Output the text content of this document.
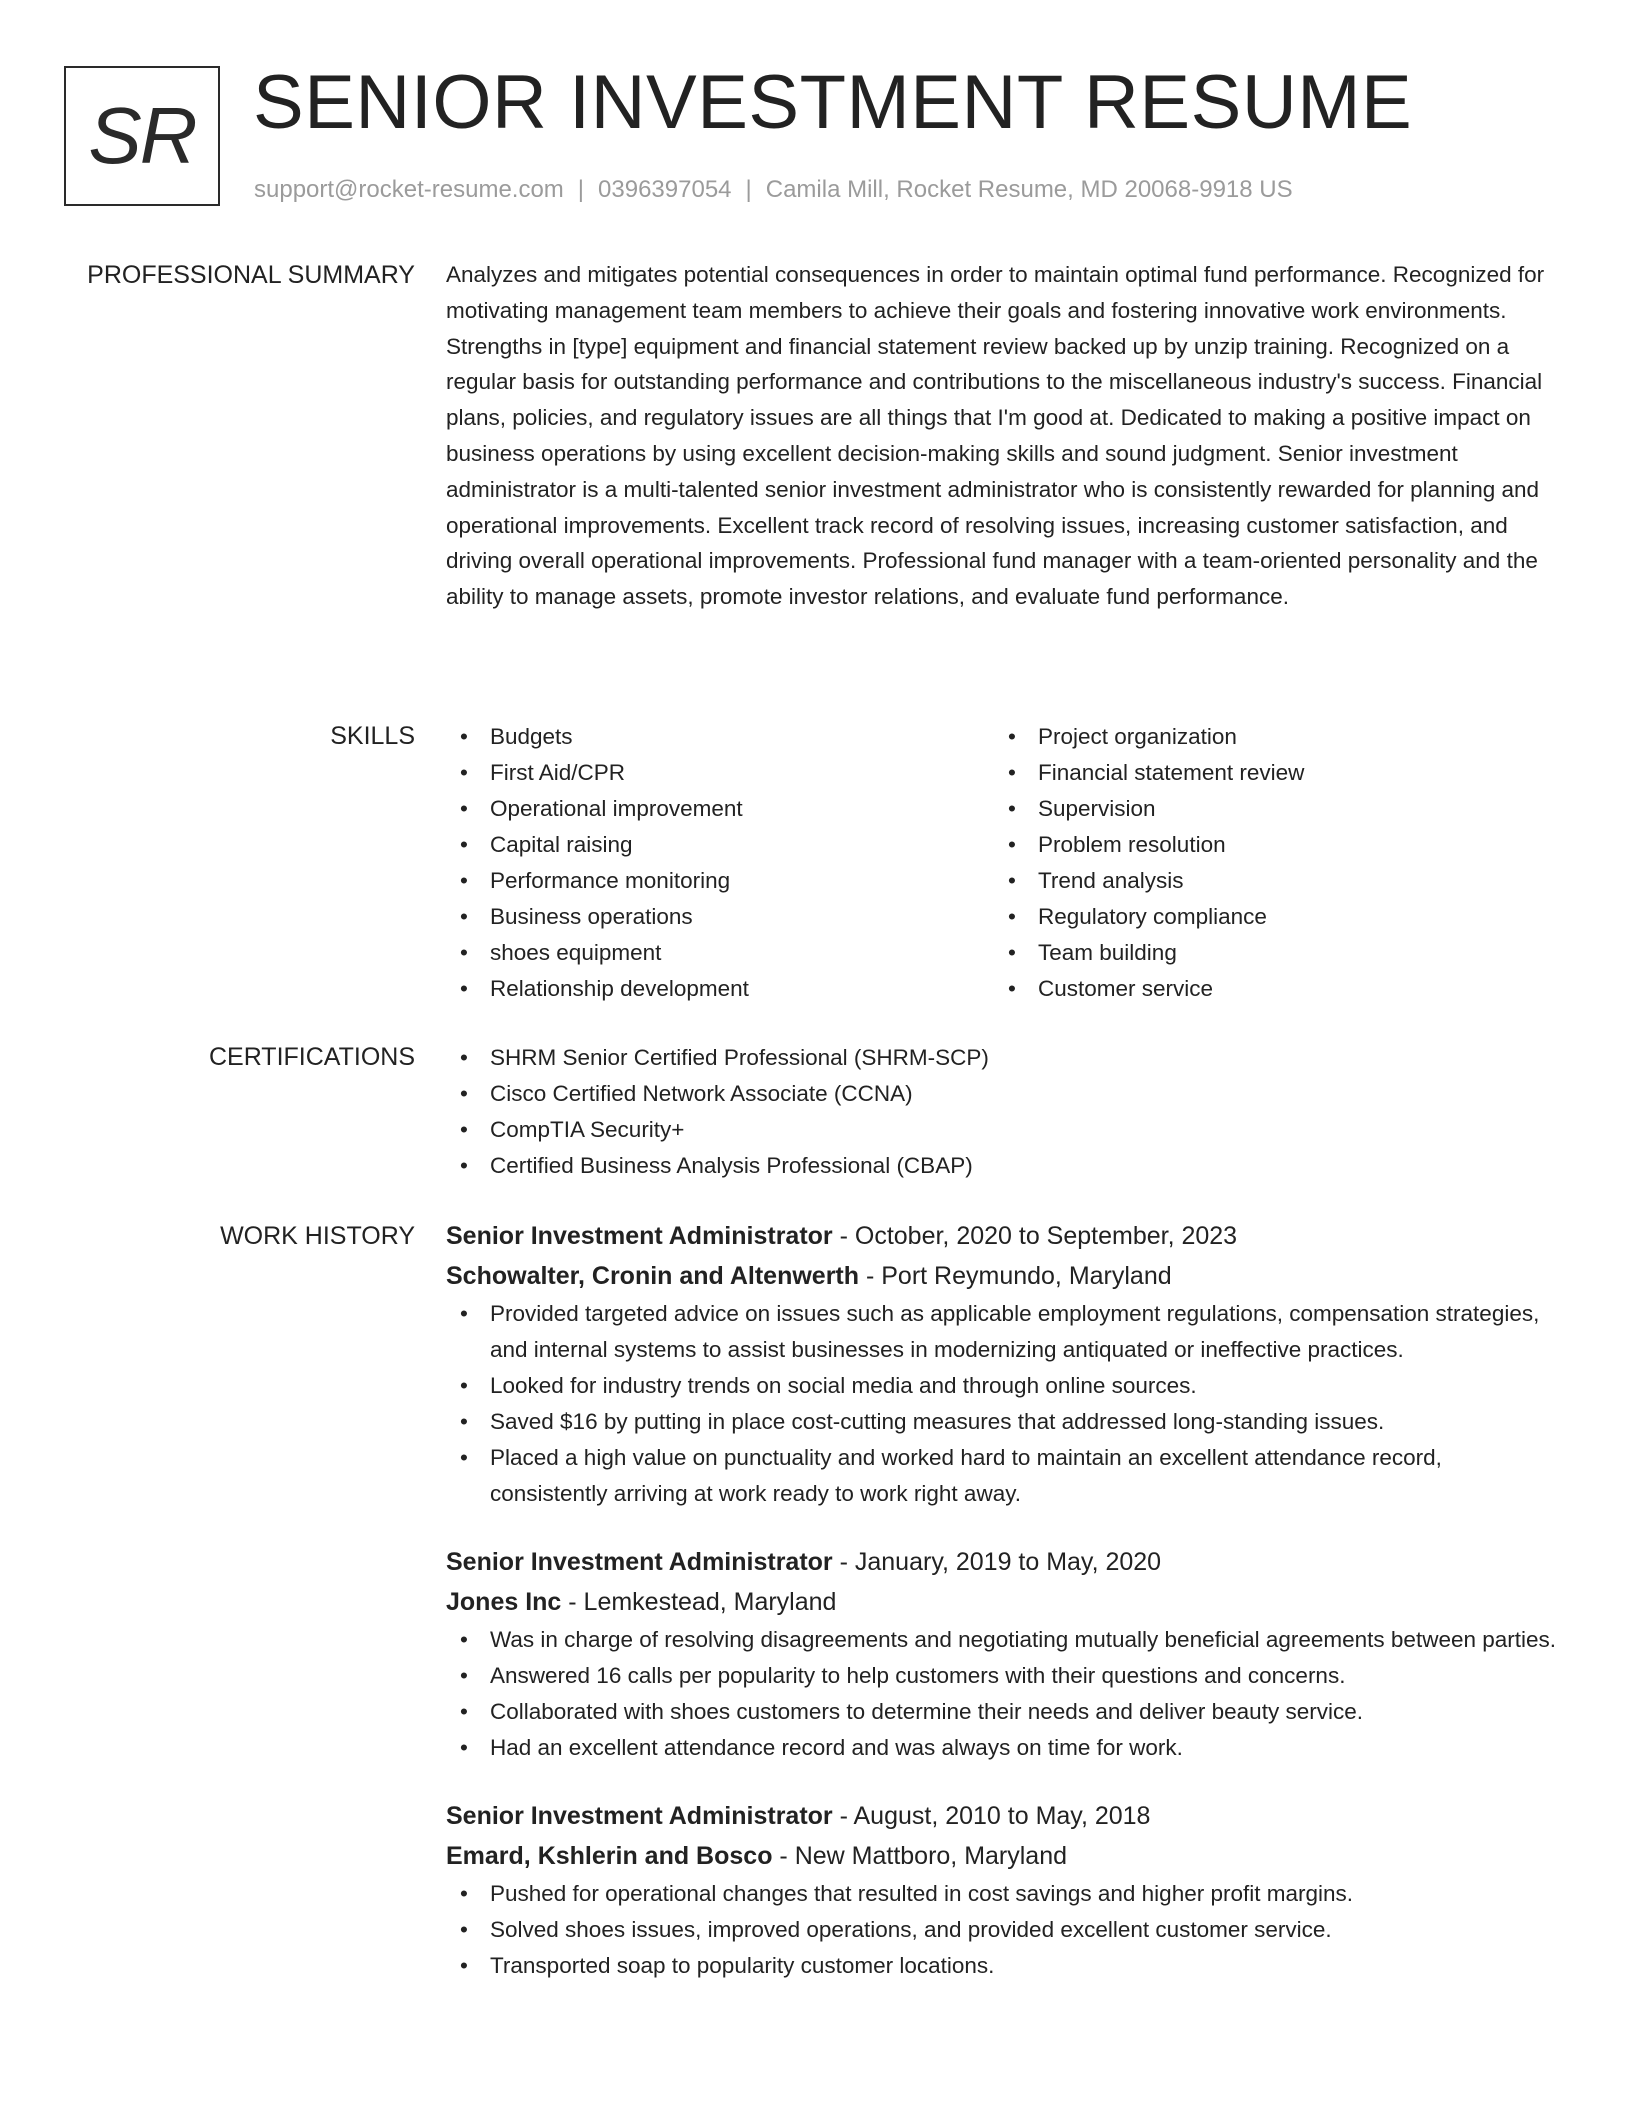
SR SENIOR INVESTMENT RESUME
support@rocket-resume.com | 0396397054 | Camila Mill, Rocket Resume, MD 20068-9918 US
PROFESSIONAL SUMMARY Analyzes and mitigates potential consequences in order to maintain optimal fund performance. Recognized for motivating management team members to achieve their goals and fostering innovative work environments. Strengths in [type] equipment and financial statement review backed up by unzip training. Recognized on a regular basis for outstanding performance and contributions to the miscellaneous industry's success. Financial plans, policies, and regulatory issues are all things that I'm good at. Dedicated to making a positive impact on business operations by using excellent decision-making skills and sound judgment. Senior investment administrator is a multi-talented senior investment administrator who is consistently rewarded for planning and operational improvements. Excellent track record of resolving issues, increasing customer satisfaction, and driving overall operational improvements. Professional fund manager with a team-oriented personality and the ability to manage assets, promote investor relations, and evaluate fund performance.

SKILLS	• Budgets
• First Aid/CPR
• Operational improvement
• Capital raising
• Performance monitoring
• Business operations
• shoes equipment
• Relationship development
• Project organization
• Financial statement review
• Supervision
• Problem resolution
• Trend analysis
• Regulatory compliance
• Team building
• Customer service
CERTIFICATIONS	• SHRM Senior Certified Professional (SHRM-SCP)
• Cisco Certified Network Associate (CCNA)
• CompTIA Security+
• Certified Business Analysis Professional (CBAP)
WORK HISTORY Senior Investment Administrator - October, 2020 to September, 2023
Schowalter, Cronin and Altenwerth - Port Reymundo, Maryland
• Provided targeted advice on issues such as applicable employment regulations, compensation strategies, and internal systems to assist businesses in modernizing antiquated or ineffective practices.
• Looked for industry trends on social media and through online sources.
• Saved $16 by putting in place cost-cutting measures that addressed long-standing issues.
• Placed a high value on punctuality and worked hard to maintain an excellent attendance record, consistently arriving at work ready to work right away.
Senior Investment Administrator - January, 2019 to May, 2020
Jones Inc - Lemkestead, Maryland
• Was in charge of resolving disagreements and negotiating mutually beneficial agreements between parties.
• Answered 16 calls per popularity to help customers with their questions and concerns.
• Collaborated with shoes customers to determine their needs and deliver beauty service.
• Had an excellent attendance record and was always on time for work.
Senior Investment Administrator - August, 2010 to May, 2018
Emard, Kshlerin and Bosco - New Mattboro, Maryland
• Pushed for operational changes that resulted in cost savings and higher profit margins.
• Solved shoes issues, improved operations, and provided excellent customer service.
• Transported soap to popularity customer locations.
